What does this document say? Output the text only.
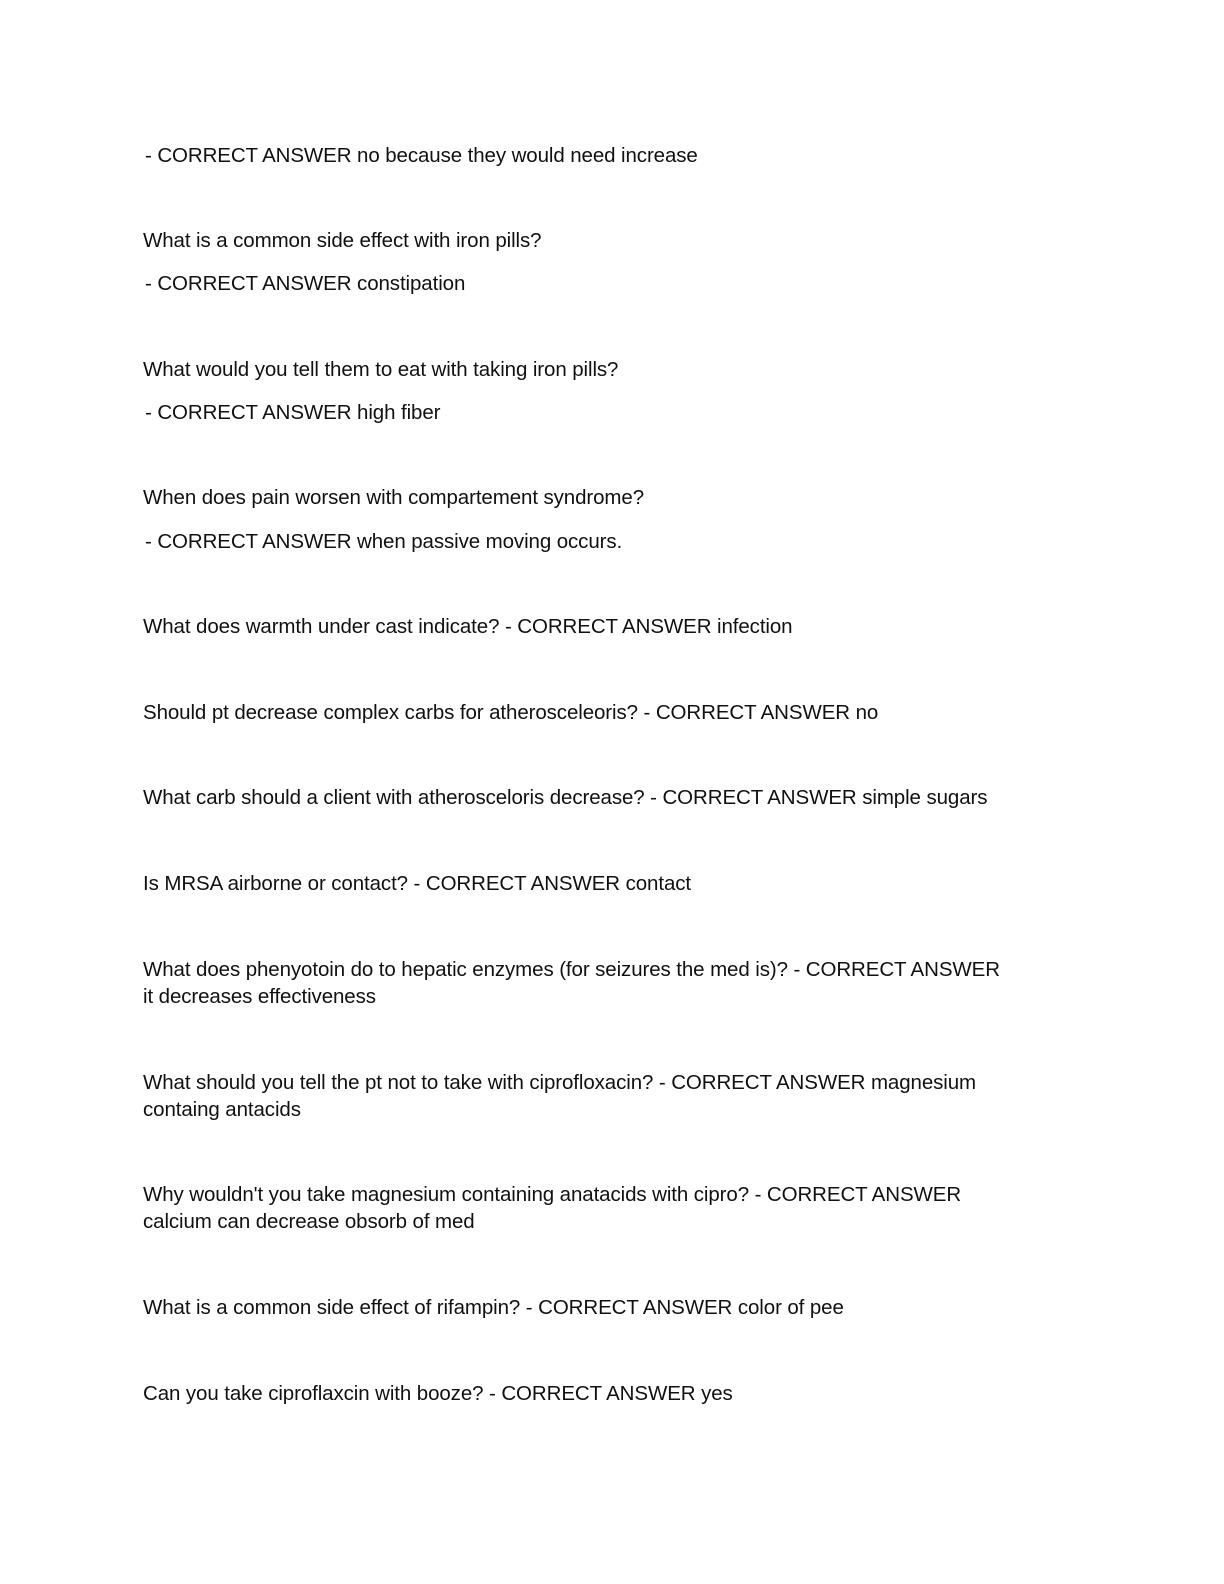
- CORRECT ANSWER no because they would need increase
What is a common side effect with iron pills?
- CORRECT ANSWER constipation
What would you tell them to eat with taking iron pills?
- CORRECT ANSWER high fiber
When does pain worsen with compartement syndrome?
- CORRECT ANSWER when passive moving occurs.
What does warmth under cast indicate? - CORRECT ANSWER infection
Should pt decrease complex carbs for atherosceleoris? - CORRECT ANSWER no
What carb should a client with atherosceloris decrease? - CORRECT ANSWER simple sugars
Is MRSA airborne or contact? - CORRECT ANSWER contact
What does phenyotoin do to hepatic enzymes (for seizures the med is)? - CORRECT ANSWER
it decreases effectiveness
What should you tell the pt not to take with ciprofloxacin? - CORRECT ANSWER magnesium
containg antacids
Why wouldn't you take magnesium containing anatacids with cipro? - CORRECT ANSWER
calcium can decrease obsorb of med
What is a common side effect of rifampin? - CORRECT ANSWER color of pee
Can you take ciproflaxcin with booze? - CORRECT ANSWER yes
